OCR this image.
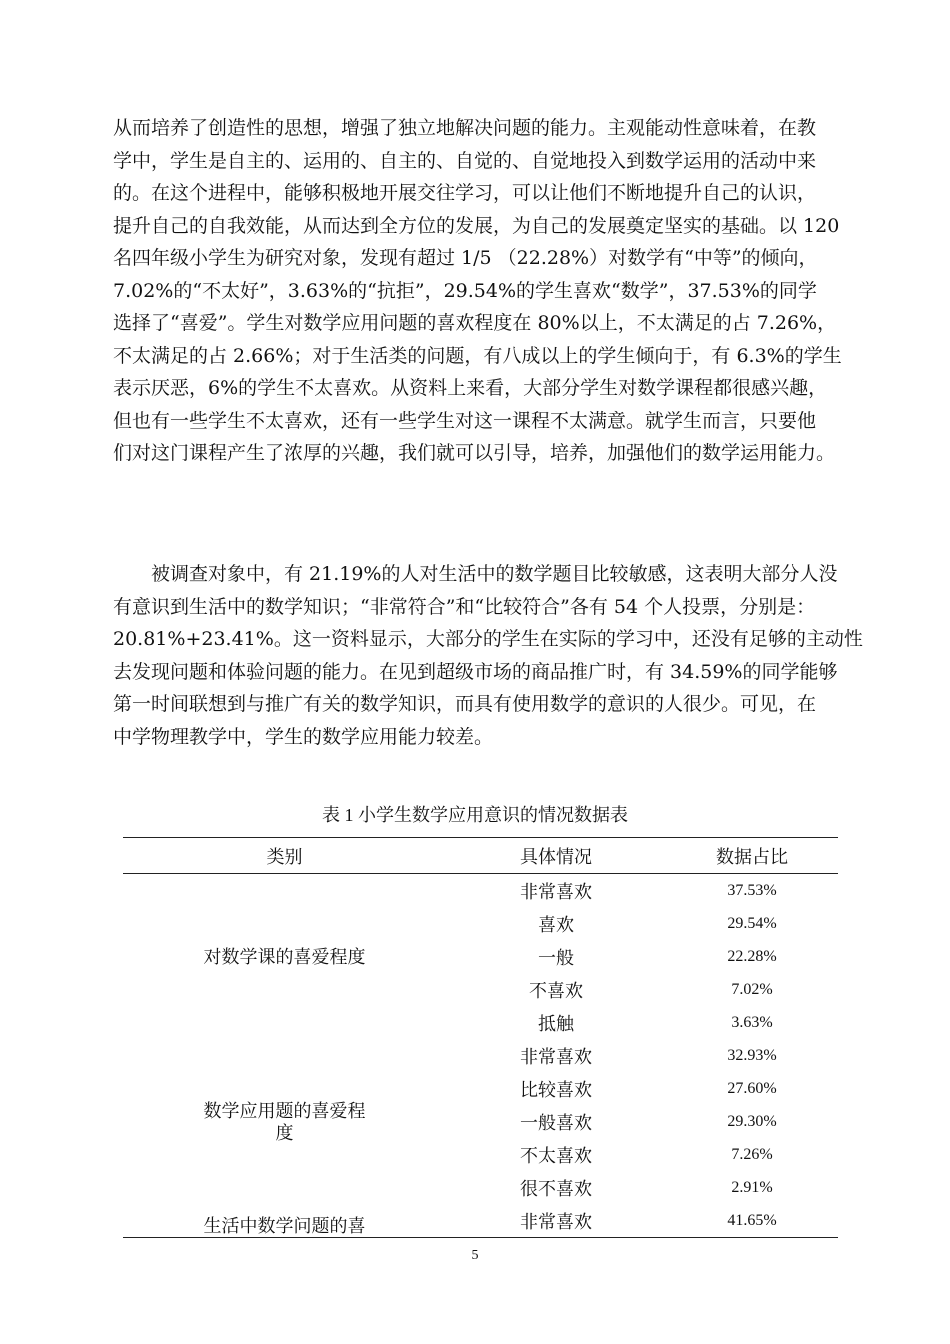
从而培养了创造性的思想，增强了独立地解决问题的能力。主观能动性意味着，在教
学中，学生是自主的、运用的、自主的、自觉的、自觉地投入到数学运用的活动中来
的。在这个进程中，能够积极地开展交往学习，可以让他们不断地提升自己的认识，
提升自己的自我效能，从而达到全方位的发展，为自己的发展奠定坚实的基础。以 120
名四年级小学生为研究对象，发现有超过 1/5 （22.28%）对数学有“中等”的倾向，
7.02%的“不太好”，3.63%的“抗拒”，29.54%的学生喜欢“数学”，37.53%的同学
选择了“喜爱”。学生对数学应用问题的喜欢程度在 80%以上，不太满足的占 7.26%，
不太满足的占 2.66%；对于生活类的问题，有八成以上的学生倾向于，有 6.3%的学生
表示厌恶，6%的学生不太喜欢。从资料上来看，大部分学生对数学课程都很感兴趣，
但也有一些学生不太喜欢，还有一些学生对这一课程不太满意。就学生而言，只要他
们对这门课程产生了浓厚的兴趣，我们就可以引导，培养，加强他们的数学运用能力。
被调查对象中，有 21.19%的人对生活中的数学题目比较敏感，这表明大部分人没
有意识到生活中的数学知识；“非常符合”和“比较符合”各有 54 个人投票，分别是：
20.81%+23.41%。这一资料显示，大部分的学生在实际的学习中，还没有足够的主动性
去发现问题和体验问题的能力。在见到超级市场的商品推广时，有 34.59%的同学能够
第一时间联想到与推广有关的数学知识，而具有使用数学的意识的人很少。可见，在
中学物理教学中，学生的数学应用能力较差。
表 1 小学生数学应用意识的情况数据表
类别	具体情况	数据占比
对数学课的喜爱程度	非常喜欢	37.53%
	喜欢	29.54%
	一般	22.28%
	不喜欢	7.02%
	抵触	3.63%
数学应用题的喜爱程
度	非常喜欢	32.93%
	比较喜欢	27.60%
	一般喜欢	29.30%
	不太喜欢	7.26%
	很不喜欢	2.91%
生活中数学问题的喜	非常喜欢	41.65%
5
